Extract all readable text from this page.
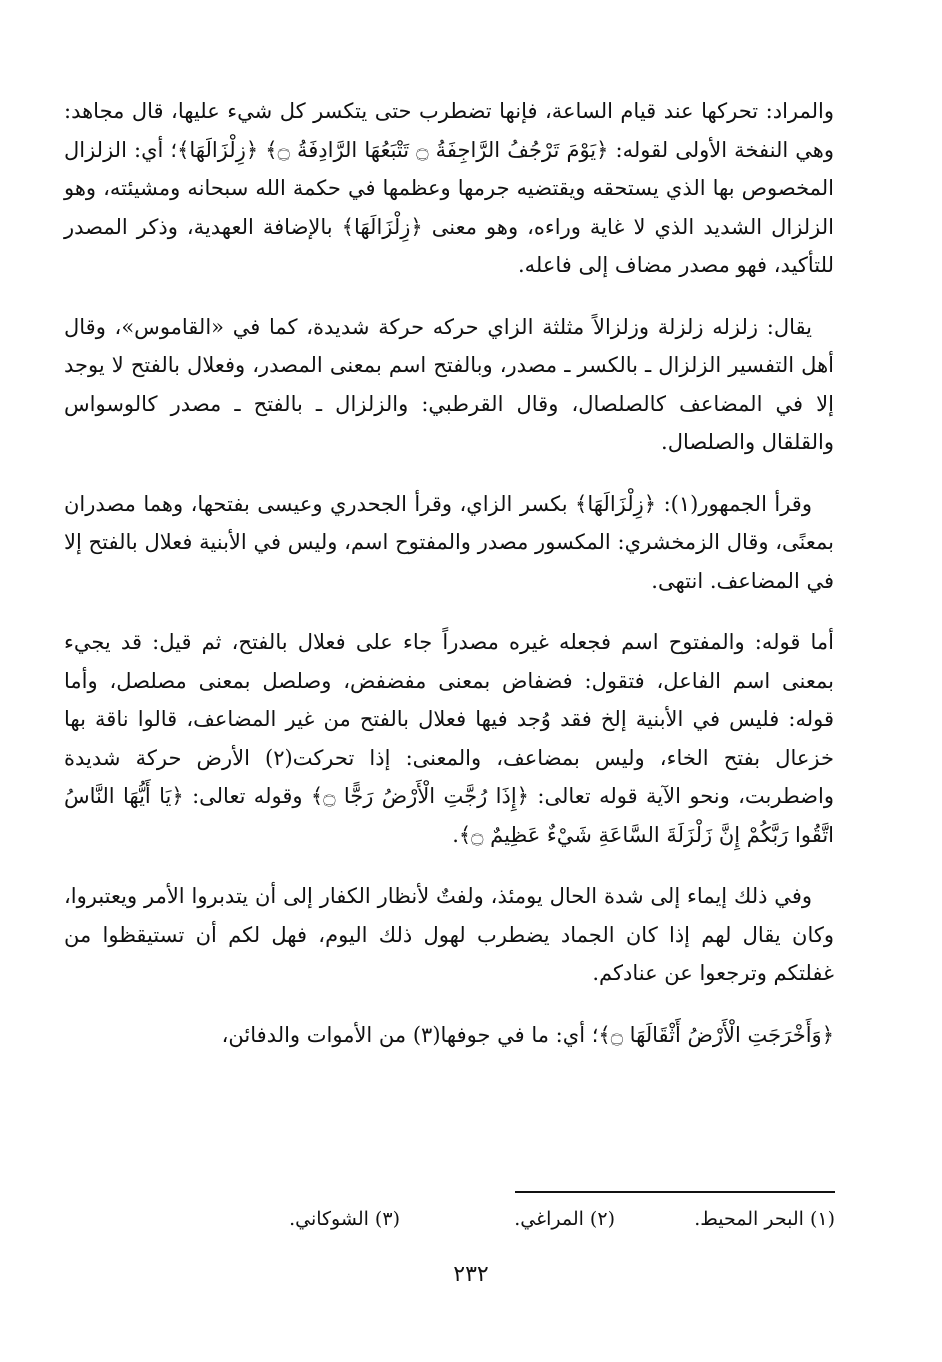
والمراد: تحركها عند قيام الساعة، فإنها تضطرب حتى يتكسر كل شيء عليها، قال مجاهد: وهي النفخة الأولى لقوله: ﴿يَوْمَ تَرْجُفُ الرَّاجِفَةُ ۝ تَتْبَعُهَا الرَّادِفَةُ ۝﴾ ﴿زِلْزَالَهَا﴾؛ أي: الزلزال المخصوص بها الذي يستحقه ويقتضيه جرمها وعظمها في حكمة الله سبحانه ومشيئته، وهو الزلزال الشديد الذي لا غاية وراءه، وهو معنى ﴿زِلْزَالَهَا﴾ بالإضافة العهدية، وذكر المصدر للتأكيد، فهو مصدر مضاف إلى فاعله.

يقال: زلزله زلزلة وزلزالاً مثلثة الزاي حركه حركة شديدة، كما في «القاموس»، وقال أهل التفسير الزلزال ـ بالكسر ـ مصدر، وبالفتح اسم بمعنى المصدر، وفعلال بالفتح لا يوجد إلا في المضاعف كالصلصال، وقال القرطبي: والزلزال ـ بالفتح ـ مصدر كالوسواس والقلقال والصلصال.

وقرأ الجمهور(١): ﴿زِلْزَالَهَا﴾ بكسر الزاي، وقرأ الجحدري وعيسى بفتحها، وهما مصدران بمعنًى، وقال الزمخشري: المكسور مصدر والمفتوح اسم، وليس في الأبنية فعلال بالفتح إلا في المضاعف. انتهى.

أما قوله: والمفتوح اسم فجعله غيره مصدراً جاء على فعلال بالفتح، ثم قيل: قد يجيء بمعنى اسم الفاعل، فتقول: فضفاض بمعنى مفضفض، وصلصل بمعنى مصلصل، وأما قوله: فليس في الأبنية إلخ فقد وُجد فيها فعلال بالفتح من غير المضاعف، قالوا ناقة بها خزعال بفتح الخاء، وليس بمضاعف، والمعنى: إذا تحركت(٢) الأرض حركة شديدة واضطربت، ونحو الآية قوله تعالى: ﴿إِذَا رُجَّتِ الْأَرْضُ رَجًّا ۝﴾ وقوله تعالى: ﴿يَا أَيُّهَا النَّاسُ اتَّقُوا رَبَّكُمْ إِنَّ زَلْزَلَةَ السَّاعَةِ شَيْءٌ عَظِيمٌ ۝﴾.

وفي ذلك إيماء إلى شدة الحال يومئذ، ولفتٌ لأنظار الكفار إلى أن يتدبروا الأمر ويعتبروا، وكان يقال لهم إذا كان الجماد يضطرب لهول ذلك اليوم، فهل لكم أن تستيقظوا من غفلتكم وترجعوا عن عنادكم.

﴿وَأَخْرَجَتِ الْأَرْضُ أَثْقَالَهَا ۝﴾؛ أي: ما في جوفها(٣) من الأموات والدفائن،

(١) البحر المحيط.
(٢) المراغي.
(٣) الشوكاني.
٢٣٢
